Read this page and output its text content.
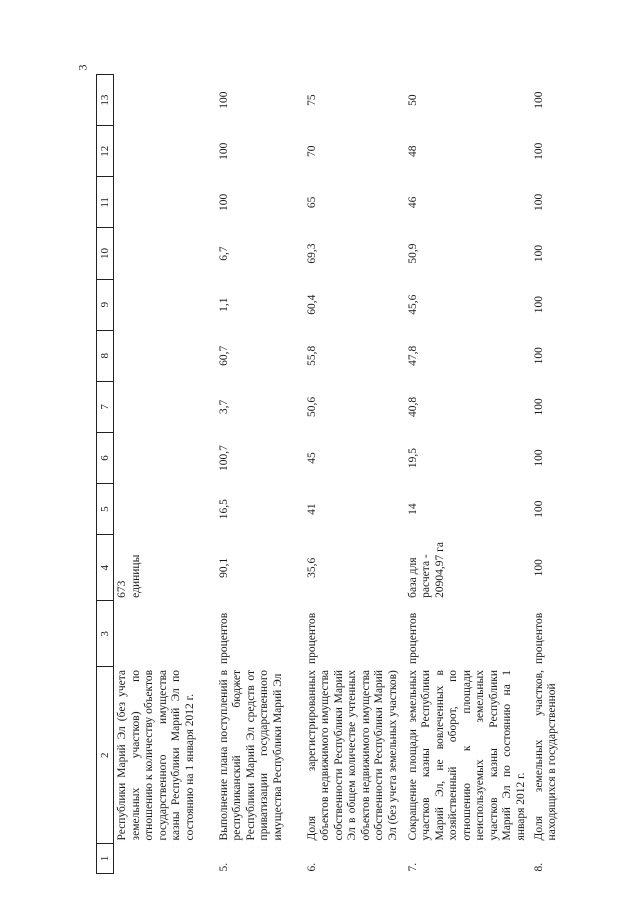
3
1	2	3	4	5	6	7	8	9	10	11	12	13
	Республики Марий Эл (без учета земельных участков) по отношению к количеству объектов государственного имущества казны Республики Марий Эл по состоянию на 1 января 2012 г.		673 единицы									
5.	Выполнение плана поступлений в республиканский бюджет Республики Марий Эл средств от приватизации государственного имущества Республики Марий Эл	процентов	90,1	16,5	100,7	3,7	60,7	1,1	6,7	100	100	100
6.	Доля зарегистрированных объектов недвижимого имущества собственности Республики Марий Эл в общем количестве учтенных объектов недвижимого имущества собственности Республики Марий Эл (без учета земельных участков)	процентов	35,6	41	45	50,6	55,8	60,4	69,3	65	70	75
7.	Сокращение площади земельных участков казны Республики Марий Эл, не вовлеченных в хозяйственный оборот, по отношению к площади неиспользуемых земельных участков казны Республики Марий Эл по состоянию на 1 января 2012 г.	процентов	база для расчета - 20904,97 га	14	19,5	40,8	47,8	45,6	50,9	46	48	50
8.	Доля земельных участков, находящихся в государственной	процентов	100	100	100	100	100	100	100	100	100	100
